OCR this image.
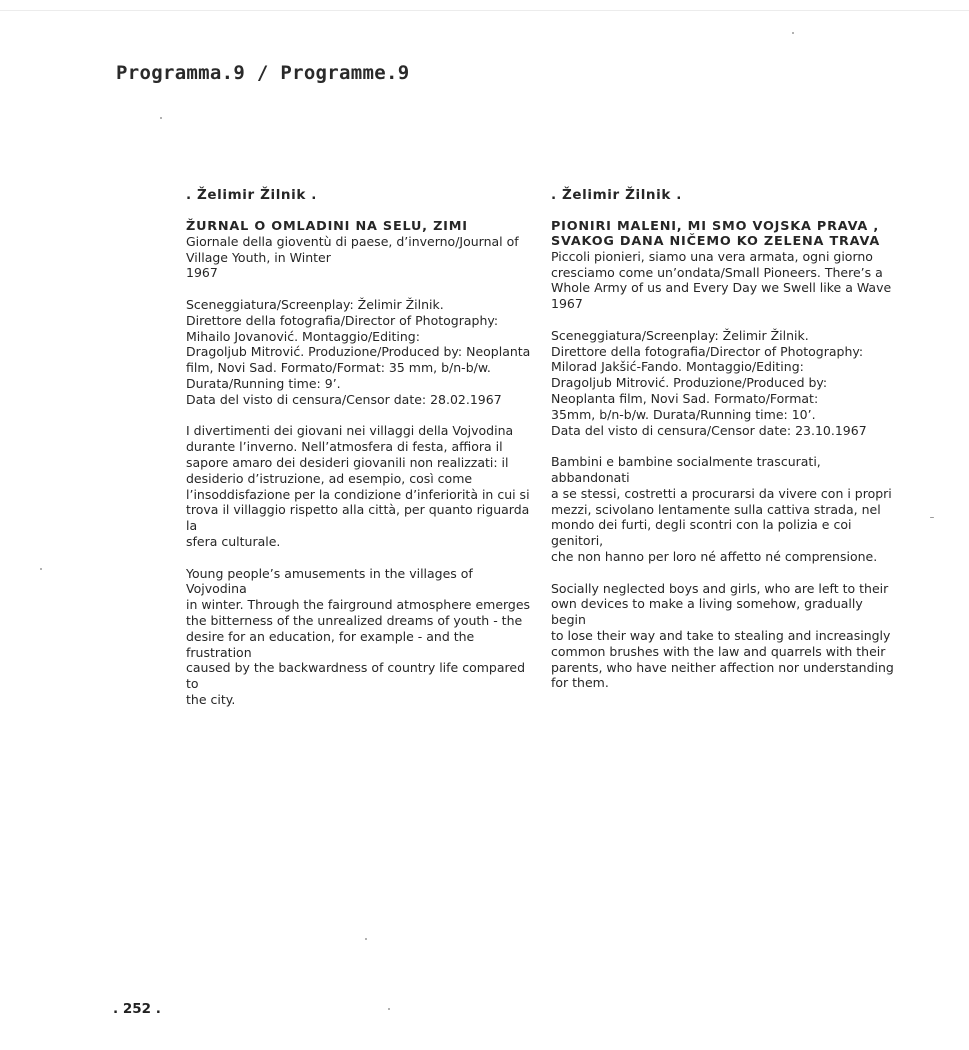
Programma.9 / Programme.9

. Želimir Žilnik .

ŽURNAL O OMLADINI NA SELU, ZIMI

Giornale della gioventù di paese, d’inverno/Journal of
Village Youth, in Winter

1967

Sceneggiatura/Screenplay: Želimir Žilnik.
Direttore della fotografia/Director of Photography:
Mihailo Jovanović. Montaggio/Editing:
Dragoljub Mitrović. Produzione/Produced by: Neoplanta
film, Novi Sad. Formato/Format: 35 mm, b/n-b/w.
Durata/Running time: 9’.
Data del visto di censura/Censor date: 28.02.1967

I divertimenti dei giovani nei villaggi della Vojvodina
durante l’inverno. Nell’atmosfera di festa, affiora il
sapore amaro dei desideri giovanili non realizzati: il
desiderio d’istruzione, ad esempio, così come
l’insoddisfazione per la condizione d’inferiorità in cui si
trova il villaggio rispetto alla città, per quanto riguarda la
sfera culturale.

Young people’s amusements in the villages of Vojvodina
in winter. Through the fairground atmosphere emerges
the bitterness of the unrealized dreams of youth - the
desire for an education, for example - and the frustration
caused by the backwardness of country life compared to
the city.

. Želimir Žilnik .

PIONIRI MALENI, MI SMO VOJSKA PRAVA ,
SVAKOG DANA NIČEMO KO ZELENA TRAVA

Piccoli pionieri, siamo una vera armata, ogni giorno
cresciamo come un’ondata/Small Pioneers. There’s a
Whole Army of us and Every Day we Swell like a Wave

1967

Sceneggiatura/Screenplay: Želimir Žilnik.
Direttore della fotografia/Director of Photography:
Milorad Jakšić-Fando. Montaggio/Editing:
Dragoljub Mitrović. Produzione/Produced by:
Neoplanta film, Novi Sad. Formato/Format:
35mm, b/n-b/w. Durata/Running time: 10’.
Data del visto di censura/Censor date: 23.10.1967

Bambini e bambine socialmente trascurati, abbandonati
a se stessi, costretti a procurarsi da vivere con i propri
mezzi, scivolano lentamente sulla cattiva strada, nel
mondo dei furti, degli scontri con la polizia e coi genitori,
che non hanno per loro né affetto né comprensione.

Socially neglected boys and girls, who are left to their
own devices to make a living somehow, gradually begin
to lose their way and take to stealing and increasingly
common brushes with the law and quarrels with their
parents, who have neither affection nor understanding
for them.

. 252 .
